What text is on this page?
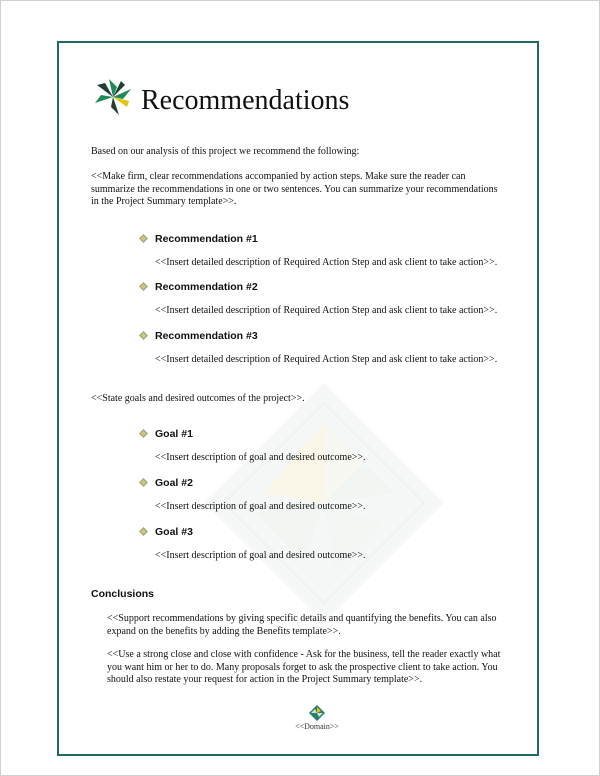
Recommendations
Based on our analysis of this project we recommend the following:
<<Make firm, clear recommendations accompanied by action steps. Make sure the reader can summarize the recommendations in one or two sentences. You can summarize your recommendations in the Project Summary template>>.
Recommendation #1
<<Insert detailed description of Required Action Step and ask client to take action>>.
Recommendation #2
<<Insert detailed description of Required Action Step and ask client to take action>>.
Recommendation #3
<<Insert detailed description of Required Action Step and ask client to take action>>.
<<State goals and desired outcomes of the project>>.
Goal #1
<<Insert description of goal and desired outcome>>.
Goal #2
<<Insert description of goal and desired outcome>>.
Goal #3
<<Insert description of goal and desired outcome>>.
Conclusions
<<Support recommendations by giving specific details and quantifying the benefits. You can also expand on the benefits by adding the Benefits template>>.
<<Use a strong close and close with confidence - Ask for the business, tell the reader exactly what you want him or her to do. Many proposals forget to ask the prospective client to take action. You should also restate your request for action in the Project Summary template>>.
<<Domain>>
